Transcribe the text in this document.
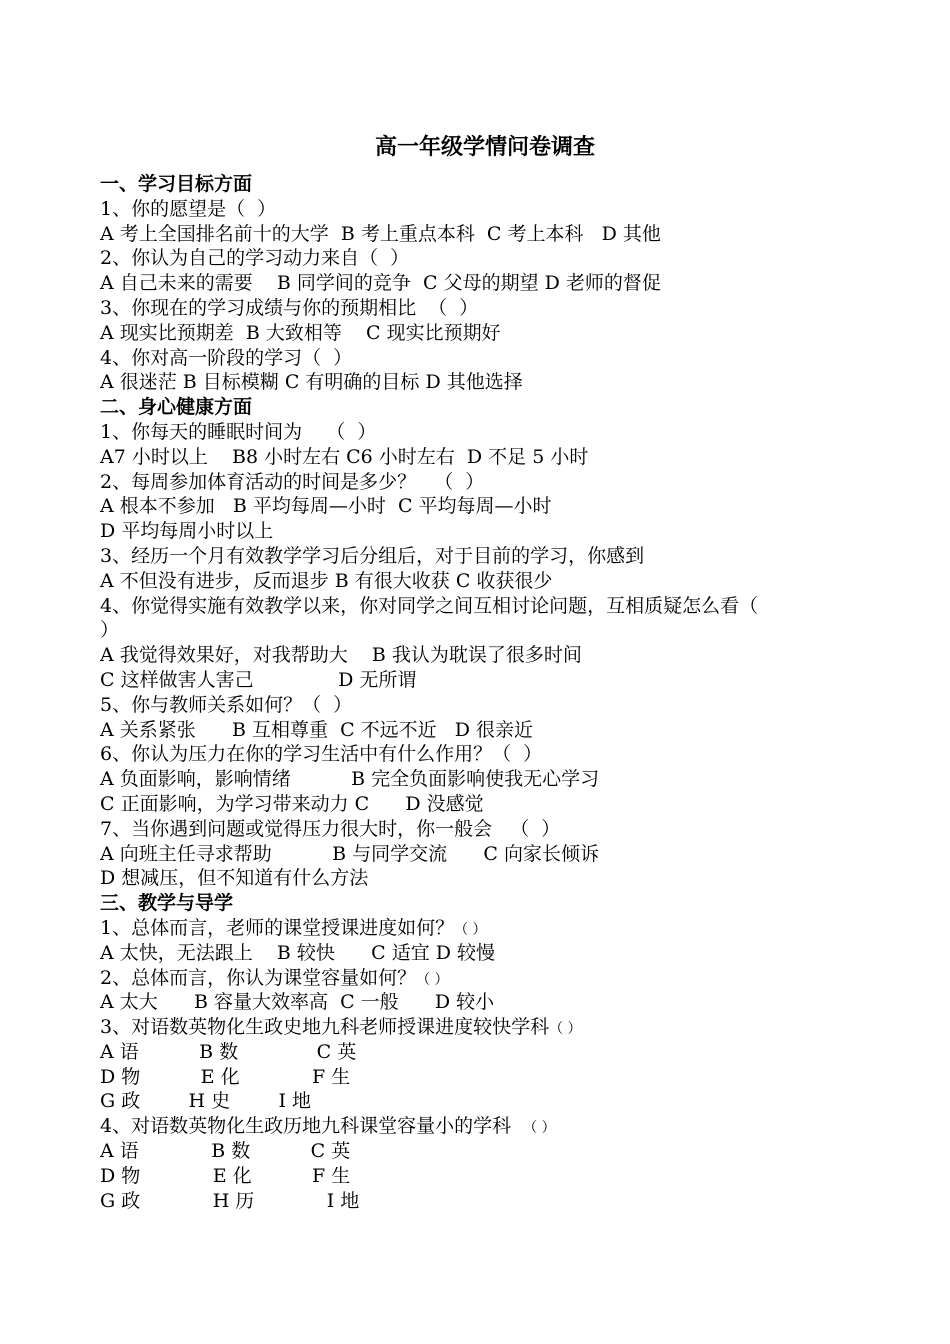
高一年级学情问卷调查
一、学习目标方面
1、你的愿望是（  ）
A 考上全国排名前十的大学  B 考上重点本科  C 考上本科   D 其他
2、你认为自己的学习动力来自（  ）
A 自己未来的需要    B 同学间的竞争  C 父母的期望 D 老师的督促
3、你现在的学习成绩与你的预期相比  （  ）
A 现实比预期差  B 大致相等    C 现实比预期好
4、你对高一阶段的学习（  ）
A 很迷茫 B 目标模糊 C 有明确的目标 D 其他选择
二、身心健康方面
1、你每天的睡眠时间为    （  ）
A7 小时以上    B8 小时左右 C6 小时左右  D 不足 5 小时
2、每周参加体育活动的时间是多少？   （  ）
A 根本不参加   B 平均每周—小时  C 平均每周—小时
D 平均每周小时以上
3、经历一个月有效教学学习后分组后，对于目前的学习，你感到
A 不但没有进步，反而退步 B 有很大收获 C 收获很少
4、你觉得实施有效教学以来，你对同学之间互相讨论问题，互相质疑怎么看（
）
A 我觉得效果好，对我帮助大    B 我认为耽误了很多时间
C 这样做害人害己              D 无所谓
5、你与教师关系如何？（  ）
A 关系紧张      B 互相尊重  C 不远不近   D 很亲近
6、你认为压力在你的学习生活中有什么作用？（  ）
A 负面影响，影响情绪          B 完全负面影响使我无心学习
C 正面影响，为学习带来动力 C      D 没感觉
7、当你遇到问题或觉得压力很大时，你一般会   （  ）
A 向班主任寻求帮助          B 与同学交流      C 向家长倾诉
D 想减压，但不知道有什么方法
三、教学与导学
1、总体而言，老师的课堂授课进度如何？（ ）
A 太快，无法跟上    B 较快      C 适宜 D 较慢
2、总体而言，你认为课堂容量如何？（ ）
A 太大      B 容量大效率高  C 一般      D 较小
3、对语数英物化生政史地九科老师授课进度较快学科（ ）
A 语          B 数             C 英
D 物          E 化            F 生
G 政        H 史        I 地
4、对语数英物化生政历地九科课堂容量小的学科  （ ）
A 语            B 数          C 英
D 物            E 化          F 生
G 政            H 历            I 地
